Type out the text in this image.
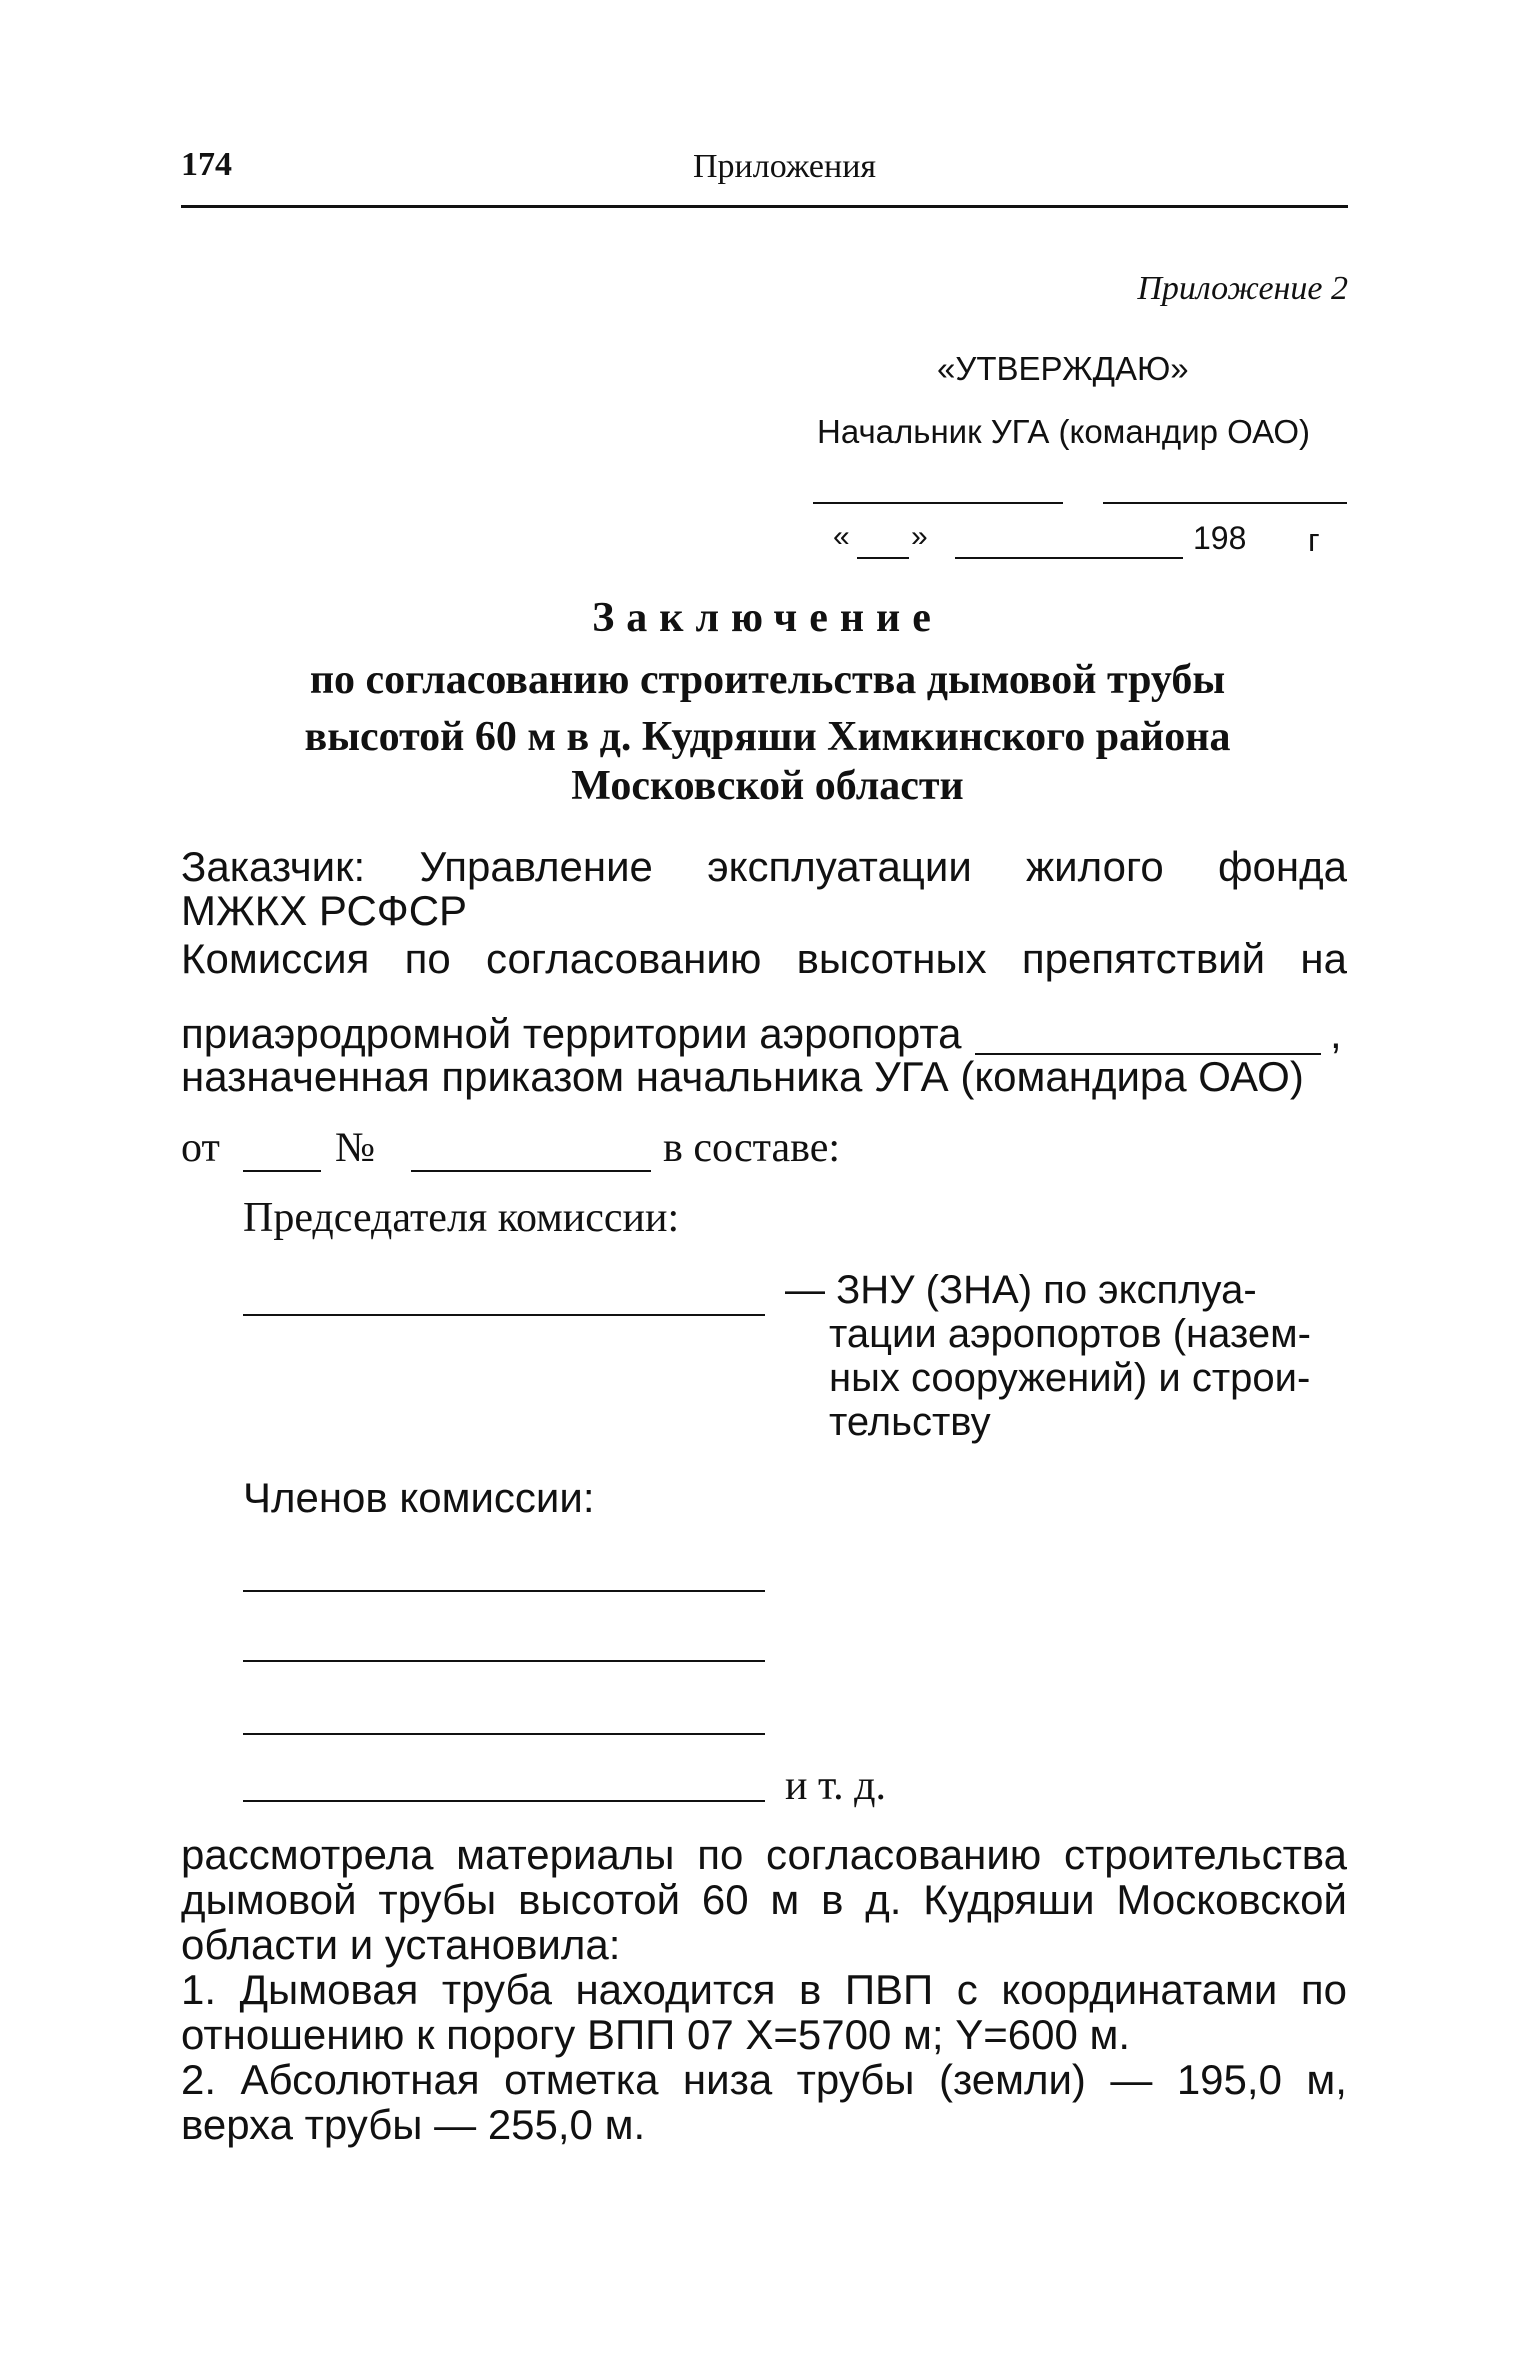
174	Приложения
Приложение 2
«УТВЕРЖДАЮ»
Начальник УГА (командир ОАО)
« »	198 г
Заключение
по согласованию строительства дымовой трубы
высотой 60 м в д. Кудряши Химкинского района
Московской области
Заказчик: Управление эксплуатации жилого фонда
МЖКХ РСФСР
Комиссия по согласованию высотных препятствий на
приаэродромной территории аэропорта	,
назначенная приказом начальника УГА (командира ОАО)
от	№	в составе:
Председателя комиссии:
— ЗНУ (ЗНА) по эксплуа-
тации аэропортов (назем-
ных сооружений) и строи-
тельству
Членов комиссии:
и т. д.
рассмотрела материалы по согласованию строительства
дымовой трубы высотой 60 м в д. Кудряши Московской
области и установила:
1. Дымовая труба находится в ПВП с координатами по
отношению к порогу ВПП 07 X=5700 м; Y=600 м.
2. Абсолютная отметка низа трубы (земли) — 195,0 м,
верха трубы — 255,0 м.
